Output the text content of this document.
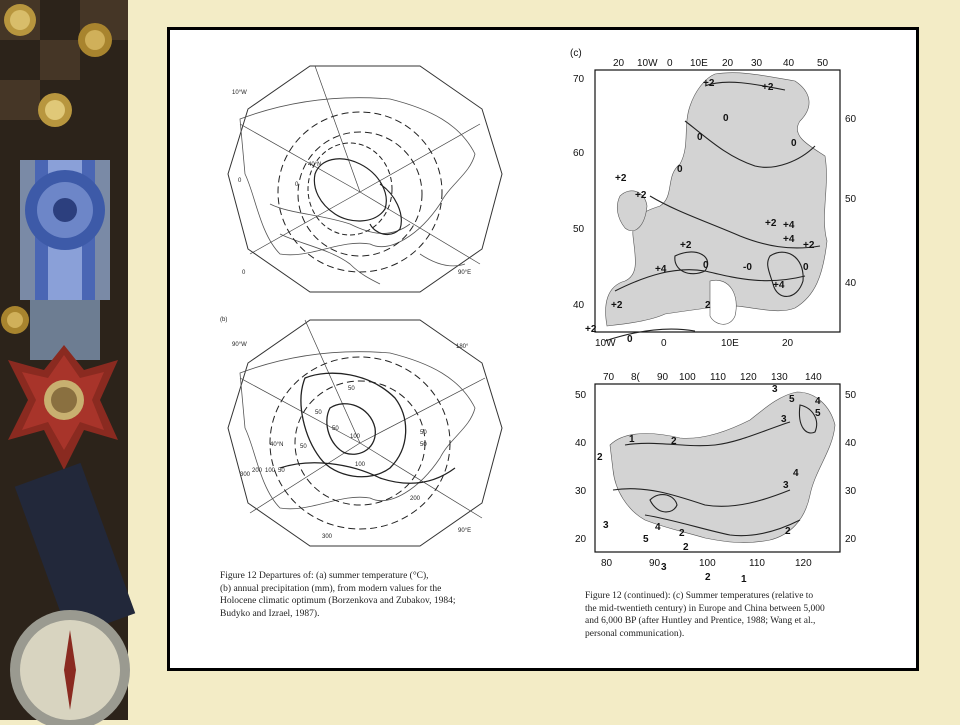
10°W
40°N
0
0
0	90°E
(b)
90°W	180°
40°N
90°E
50
50
50
100
50
100
50
50
300
200 100 50
200
300
Figure 12 Departures of: (a) summer temperature (°C),
(b) annual precipitation (mm), from modern values for the
Holocene climatic optimum (Borzenkova and Zubakov, 1984;
Budyko and Izrael, 1987).
(c)
20 10W 0 10E 20 30 40 50
70
60
50
40
60
50
40
10W	0	10E	20
+2	+2
0
0
0
0
+2
+2
+2 +4
+4
+2
+2
0	-0
+4	0
+4
+2	2
+2
0
70 8( 90 100 110 120 130 140
50
40
30
20
50
40
30
20
80	90	100	110	120
1	2
2
3
3
4
5
5
4
3
3
5
4	2
2
3
2
2
1
Figure 12 (continued): (c) Summer temperatures (relative to
the mid-twentieth century) in Europe and China between 5,000
and 6,000 BP (after Huntley and Prentice, 1988; Wang et al.,
personal communication).
